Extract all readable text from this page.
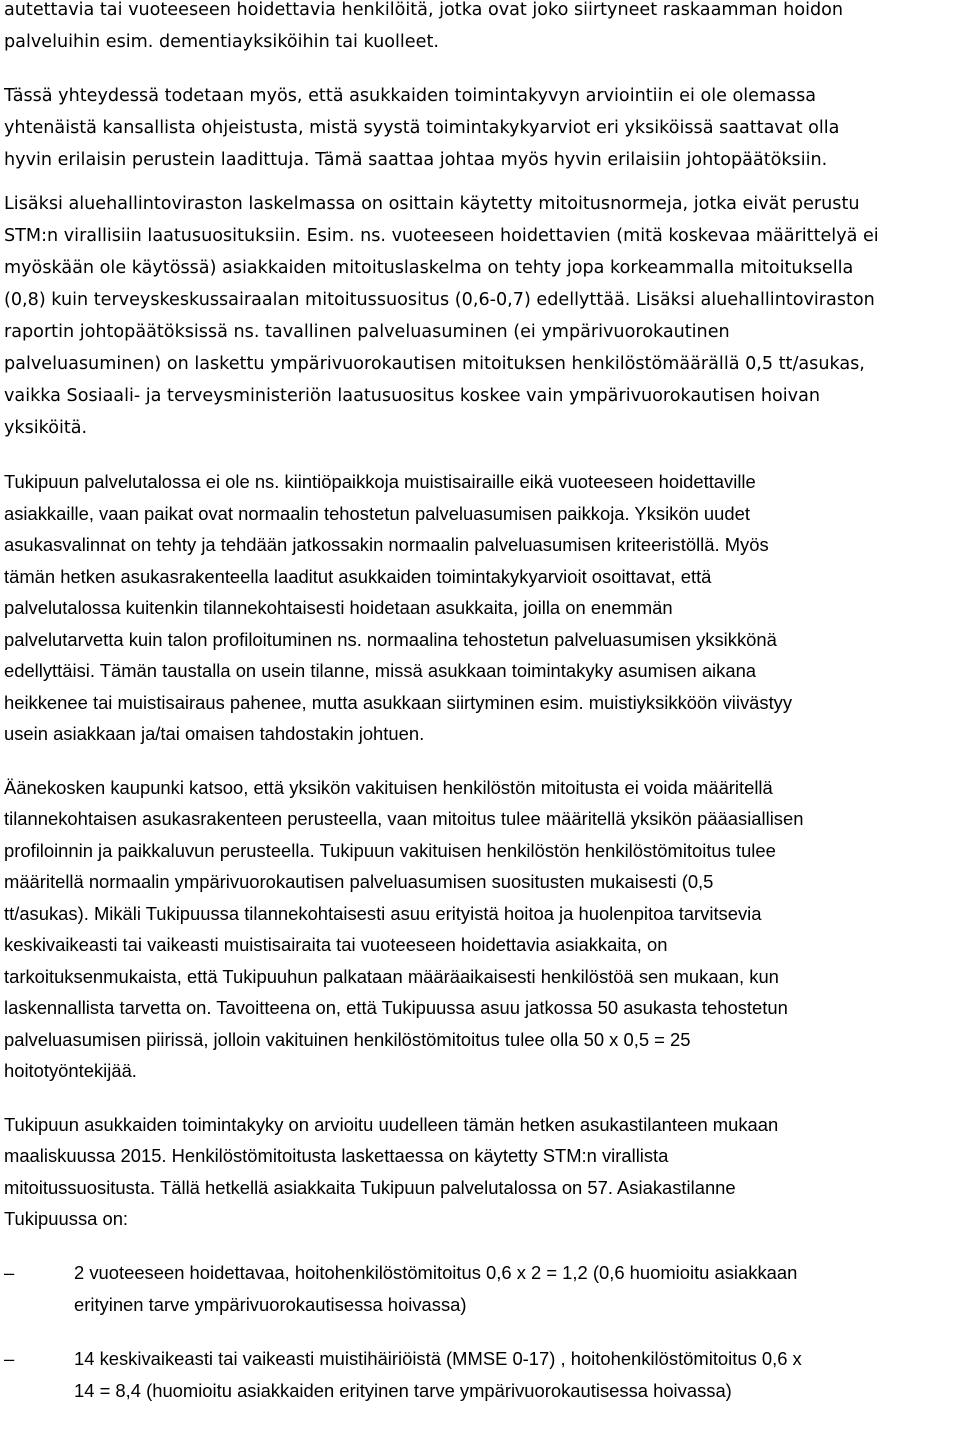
autettavia tai vuoteeseen hoidettavia henkilöitä, jotka ovat joko siirtyneet raskaamman hoidon
palveluihin esim. dementiayksiköihin tai kuolleet.

Tässä yhteydessä todetaan myös, että asukkaiden toimintakyvyn arviointiin ei ole olemassa
yhtenäistä kansallista ohjeistusta, mistä syystä toimintakykyarviot eri yksiköissä saattavat olla
hyvin erilaisin perustein laadittuja. Tämä saattaa johtaa myös hyvin erilaisiin johtopäätöksiin.

Lisäksi aluehallintoviraston laskelmassa on osittain käytetty mitoitusnormeja, jotka eivät perustu
STM:n virallisiin laatusuosituksiin. Esim. ns. vuoteeseen hoidettavien (mitä koskevaa määrittelyä ei
myöskään ole käytössä) asiakkaiden mitoituslaskelma on tehty jopa korkeammalla mitoituksella
(0,8) kuin terveyskeskussairaalan mitoitussuositus (0,6-0,7) edellyttää. Lisäksi aluehallintoviraston
raportin johtopäätöksissä ns. tavallinen palveluasuminen (ei ympärivuorokautinen
palveluasuminen) on laskettu ympärivuorokautisen mitoituksen henkilöstömäärällä 0,5 tt/asukas,
vaikka Sosiaali- ja terveysministeriön laatusuositus koskee vain ympärivuorokautisen hoivan
yksiköitä.

Tukipuun palvelutalossa ei ole ns. kiintiöpaikkoja muistisairaille eikä vuoteeseen hoidettaville
asiakkaille, vaan paikat ovat normaalin tehostetun palveluasumisen paikkoja. Yksikön uudet
asukasvalinnat on tehty ja tehdään jatkossakin normaalin palveluasumisen kriteeristöllä. Myös
tämän hetken asukasrakenteella laaditut asukkaiden toimintakykyarvioit osoittavat, että
palvelutalossa kuitenkin tilannekohtaisesti hoidetaan asukkaita, joilla on enemmän
palvelutarvetta kuin talon profiloituminen ns. normaalina tehostetun palveluasumisen yksikkönä
edellyttäisi. Tämän taustalla on usein tilanne, missä asukkaan toimintakyky asumisen aikana
heikkenee tai muistisairaus pahenee, mutta asukkaan siirtyminen esim. muistiyksikköön viivästyy
usein asiakkaan ja/tai omaisen tahdostakin johtuen.

Äänekosken kaupunki katsoo, että yksikön vakituisen henkilöstön mitoitusta ei voida määritellä
tilannekohtaisen asukasrakenteen perusteella, vaan mitoitus tulee määritellä yksikön pääasiallisen
profiloinnin ja paikkaluvun perusteella. Tukipuun vakituisen henkilöstön henkilöstömitoitus tulee
määritellä normaalin ympärivuorokautisen palveluasumisen suositusten mukaisesti (0,5
tt/asukas). Mikäli Tukipuussa tilannekohtaisesti asuu erityistä hoitoa ja huolenpitoa tarvitsevia
keskivaikeasti tai vaikeasti muistisairaita tai vuoteeseen hoidettavia asiakkaita, on
tarkoituksenmukaista, että Tukipuuhun palkataan määräaikaisesti henkilöstöä sen mukaan, kun
laskennallista tarvetta on. Tavoitteena on, että Tukipuussa asuu jatkossa 50 asukasta tehostetun
palveluasumisen piirissä, jolloin vakituinen henkilöstömitoitus tulee olla 50 x 0,5 = 25
hoitotyöntekijää.

Tukipuun asukkaiden toimintakyky on arvioitu uudelleen tämän hetken asukastilanteen mukaan
maaliskuussa 2015. Henkilöstömitoitusta laskettaessa on käytetty STM:n virallista
mitoitussuositusta. Tällä hetkellä asiakkaita Tukipuun palvelutalossa on 57. Asiakastilanne
Tukipuussa on:

–	2 vuoteeseen hoidettavaa, hoitohenkilöstömitoitus 0,6 x 2 = 1,2 (0,6 huomioitu asiakkaan
erityinen tarve ympärivuorokautisessa hoivassa)
–	14 keskivaikeasti tai vaikeasti muistihäiriöistä (MMSE 0-17) , hoitohenkilöstömitoitus 0,6 x
14 = 8,4 (huomioitu asiakkaiden erityinen tarve ympärivuorokautisessa hoivassa)
